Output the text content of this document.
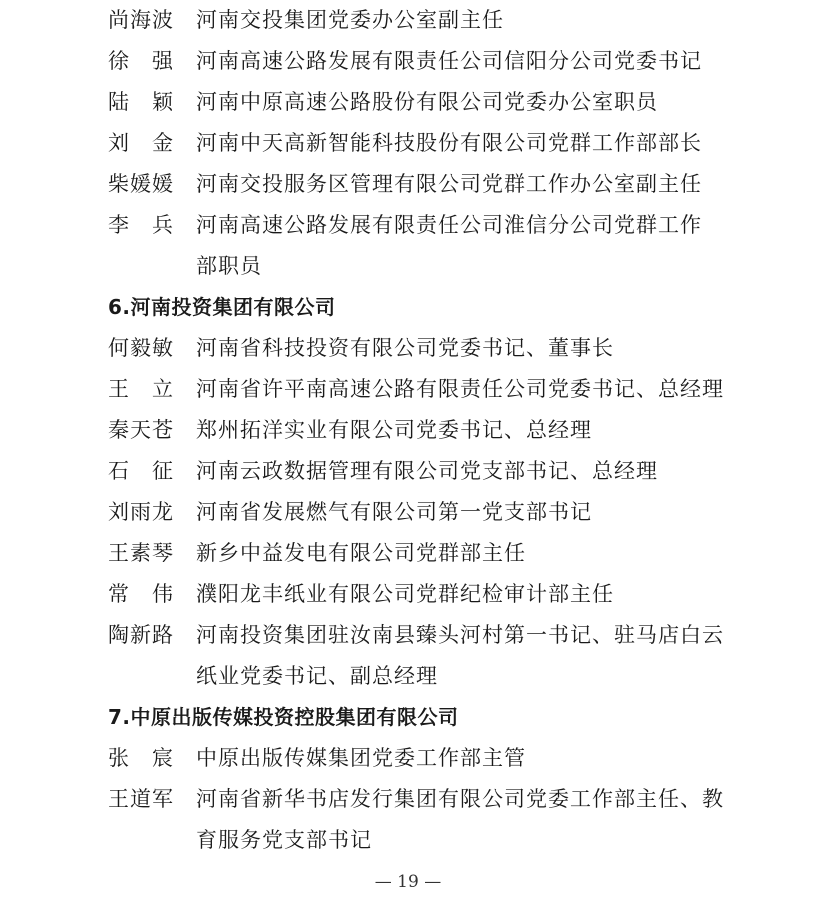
尚海波	河南交投集团党委办公室副主任
徐　强	河南高速公路发展有限责任公司信阳分公司党委书记
陆　颖	河南中原高速公路股份有限公司党委办公室职员
刘　金	河南中天高新智能科技股份有限公司党群工作部部长
柴媛媛	河南交投服务区管理有限公司党群工作办公室副主任
李　兵	河南高速公路发展有限责任公司淮信分公司党群工作
部职员
6.河南投资集团有限公司
何毅敏	河南省科技投资有限公司党委书记、董事长
王　立	河南省许平南高速公路有限责任公司党委书记、总经理
秦天苍	郑州拓洋实业有限公司党委书记、总经理
石　征	河南云政数据管理有限公司党支部书记、总经理
刘雨龙	河南省发展燃气有限公司第一党支部书记
王素琴	新乡中益发电有限公司党群部主任
常　伟	濮阳龙丰纸业有限公司党群纪检审计部主任
陶新路	河南投资集团驻汝南县臻头河村第一书记、驻马店白云
纸业党委书记、副总经理
7.中原出版传媒投资控股集团有限公司
张　宸	中原出版传媒集团党委工作部主管
王道军	河南省新华书店发行集团有限公司党委工作部主任、教
育服务党支部书记
— 19 —
